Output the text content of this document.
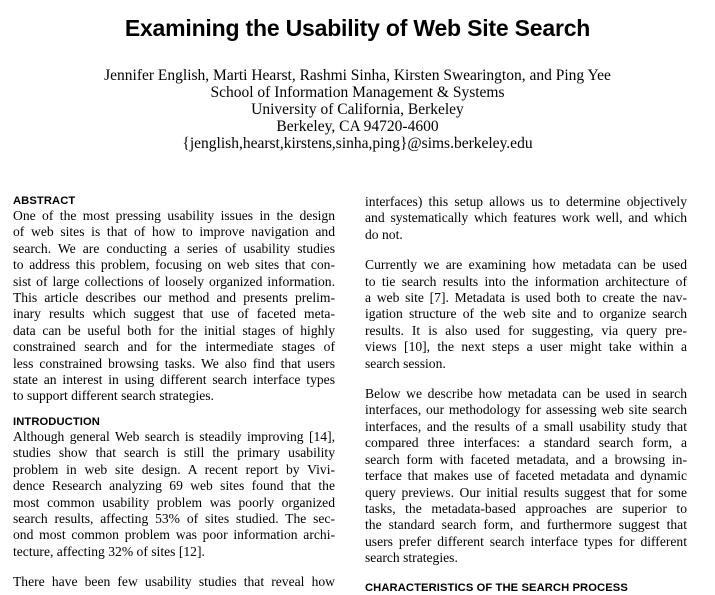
Examining the Usability of Web Site Search
Jennifer English, Marti Hearst, Rashmi Sinha, Kirsten Swearington, and Ping Yee
School of Information Management & Systems
University of California, Berkeley
Berkeley, CA 94720-4600
{jenglish,hearst,kirstens,sinha,ping}@sims.berkeley.edu
ABSTRACT
One of the most pressing usability issues in the design
of web sites is that of how to improve navigation and
search. We are conducting a series of usability studies
to address this problem, focusing on web sites that con-
sist of large collections of loosely organized information.
This article describes our method and presents prelim-
inary results which suggest that use of faceted meta-
data can be useful both for the initial stages of highly
constrained search and for the intermediate stages of
less constrained browsing tasks. We also find that users
state an interest in using different search interface types
to support different search strategies.
INTRODUCTION
Although general Web search is steadily improving [14],
studies show that search is still the primary usability
problem in web site design. A recent report by Vivi-
dence Research analyzing 69 web sites found that the
most common usability problem was poorly organized
search results, affecting 53% of sites studied. The sec-
ond most common problem was poor information archi-
tecture, affecting 32% of sites [12].
There have been few usability studies that reveal how
interfaces) this setup allows us to determine objectively
and systematically which features work well, and which
do not.
Currently we are examining how metadata can be used
to tie search results into the information architecture of
a web site [7]. Metadata is used both to create the nav-
igation structure of the web site and to organize search
results. It is also used for suggesting, via query pre-
views [10], the next steps a user might take within a
search session.
Below we describe how metadata can be used in search
interfaces, our methodology for assessing web site search
interfaces, and the results of a small usability study that
compared three interfaces: a standard search form, a
search form with faceted metadata, and a browsing in-
terface that makes use of faceted metadata and dynamic
query previews. Our initial results suggest that for some
tasks, the metadata-based approaches are superior to
the standard search form, and furthermore suggest that
users prefer different search interface types for different
search strategies.
CHARACTERISTICS OF THE SEARCH PROCESS
